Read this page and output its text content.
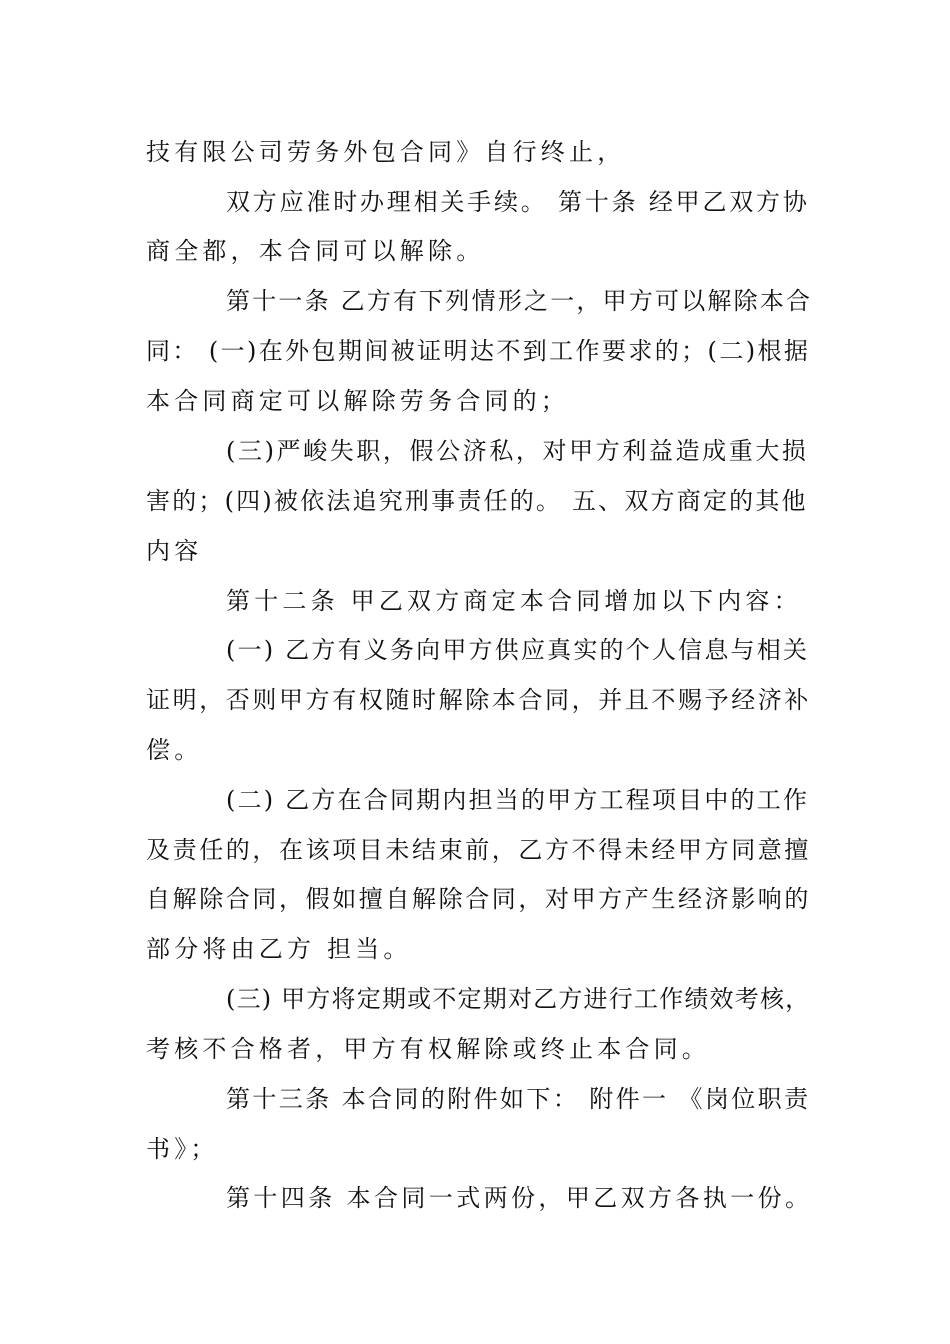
技有限公司劳务外包合同》自行终止，
双方应准时办理相关手续。 第十条 经甲乙双方协
商全都，本合同可以解除。
第十一条 乙方有下列情形之一，甲方可以解除本合
同： (一)在外包期间被证明达不到工作要求的；(二)根据
本合同商定可以解除劳务合同的；
(三)严峻失职，假公济私，对甲方利益造成重大损
害的；(四)被依法追究刑事责任的。 五、双方商定的其他
内容
第十二条 甲乙双方商定本合同增加以下内容：
(一) 乙方有义务向甲方供应真实的个人信息与相关
证明，否则甲方有权随时解除本合同，并且不赐予经济补
偿。
(二) 乙方在合同期内担当的甲方工程项目中的工作
及责任的，在该项目未结束前，乙方不得未经甲方同意擅
自解除合同，假如擅自解除合同，对甲方产生经济影响的
部分将由乙方 担当。
(三) 甲方将定期或不定期对乙方进行工作绩效考核，
考核不合格者，甲方有权解除或终止本合同。
第十三条 本合同的附件如下： 附件一 《岗位职责
书》；
第十四条 本合同一式两份，甲乙双方各执一份。
